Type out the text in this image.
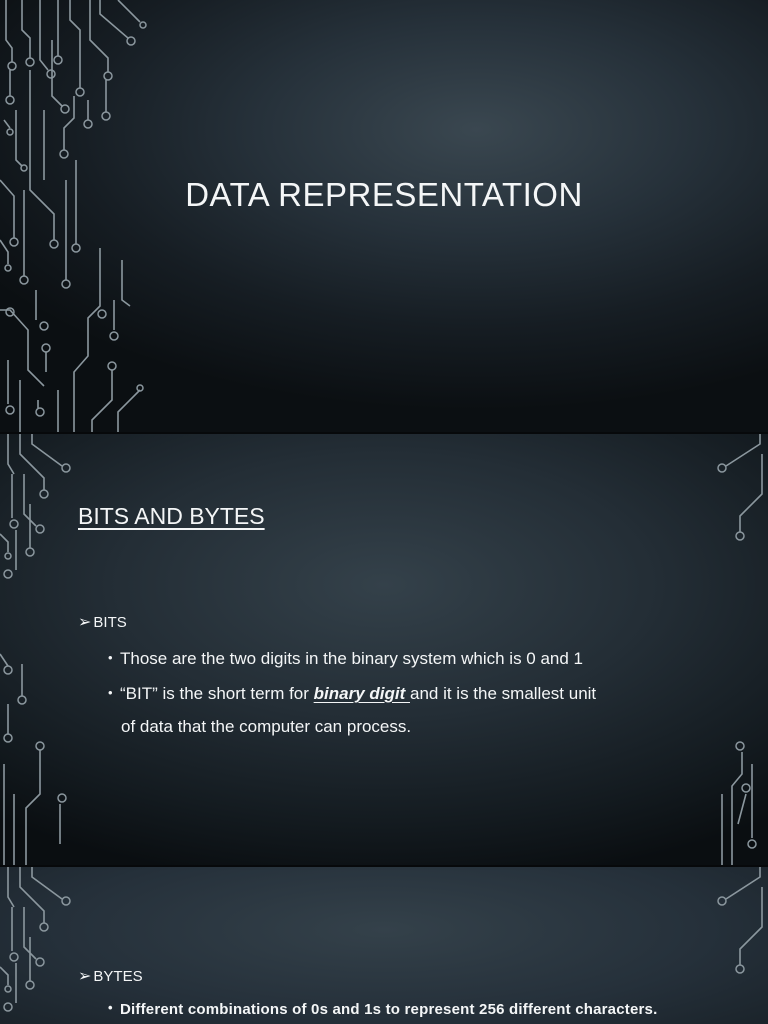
DATA REPRESENTATION
BITS AND BYTES
➢ BITS
• Those are the two digits in the binary system which is 0 and 1
• “BIT” is the short term for binary digit and it is the smallest unit
of data that the computer can process.
➢ BYTES
• Different combinations of 0s and 1s to represent 256 different characters.
